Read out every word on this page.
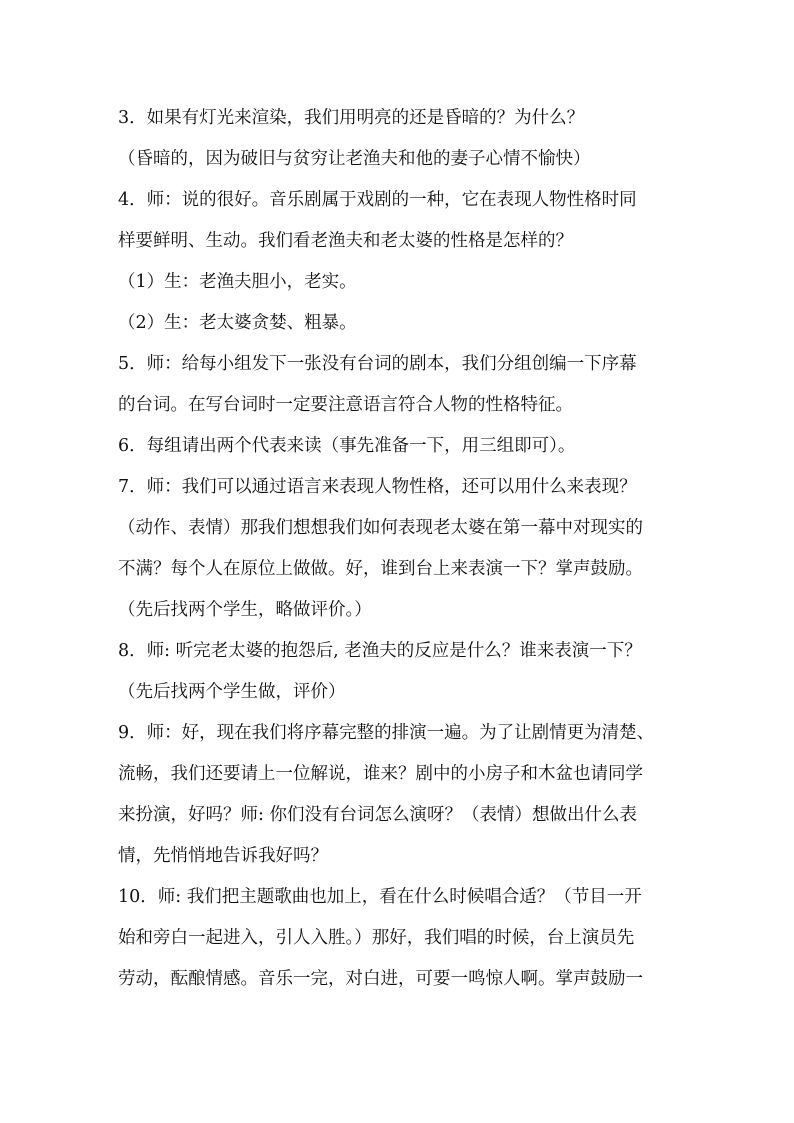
3．如果有灯光来渲染，我们用明亮的还是昏暗的？为什么？
（昏暗的，因为破旧与贫穷让老渔夫和他的妻子心情不愉快）
4．师：说的很好。音乐剧属于戏剧的一种，它在表现人物性格时同
样要鲜明、生动。我们看老渔夫和老太婆的性格是怎样的？
（1）生：老渔夫胆小，老实。
（2）生：老太婆贪婪、粗暴。
5．师：给每小组发下一张没有台词的剧本，我们分组创编一下序幕
的台词。在写台词时一定要注意语言符合人物的性格特征。
6．每组请出两个代表来读（事先准备一下，用三组即可）。
7．师：我们可以通过语言来表现人物性格，还可以用什么来表现？
（动作、表情）那我们想想我们如何表现老太婆在第一幕中对现实的
不满？每个人在原位上做做。好，谁到台上来表演一下？掌声鼓励。
（先后找两个学生，略做评价。）
8．师: 听完老太婆的抱怨后, 老渔夫的反应是什么？谁来表演一下？
（先后找两个学生做，评价）
9．师：好，现在我们将序幕完整的排演一遍。为了让剧情更为清楚、
流畅，我们还要请上一位解说，谁来？剧中的小房子和木盆也请同学
来扮演，好吗？师: 你们没有台词怎么演呀？（表情）想做出什么表
情，先悄悄地告诉我好吗？
10．师: 我们把主题歌曲也加上，看在什么时候唱合适？（节目一开
始和旁白一起进入，引人入胜。）那好，我们唱的时候，台上演员先
劳动，酝酿情感。音乐一完，对白进，可要一鸣惊人啊。掌声鼓励一
